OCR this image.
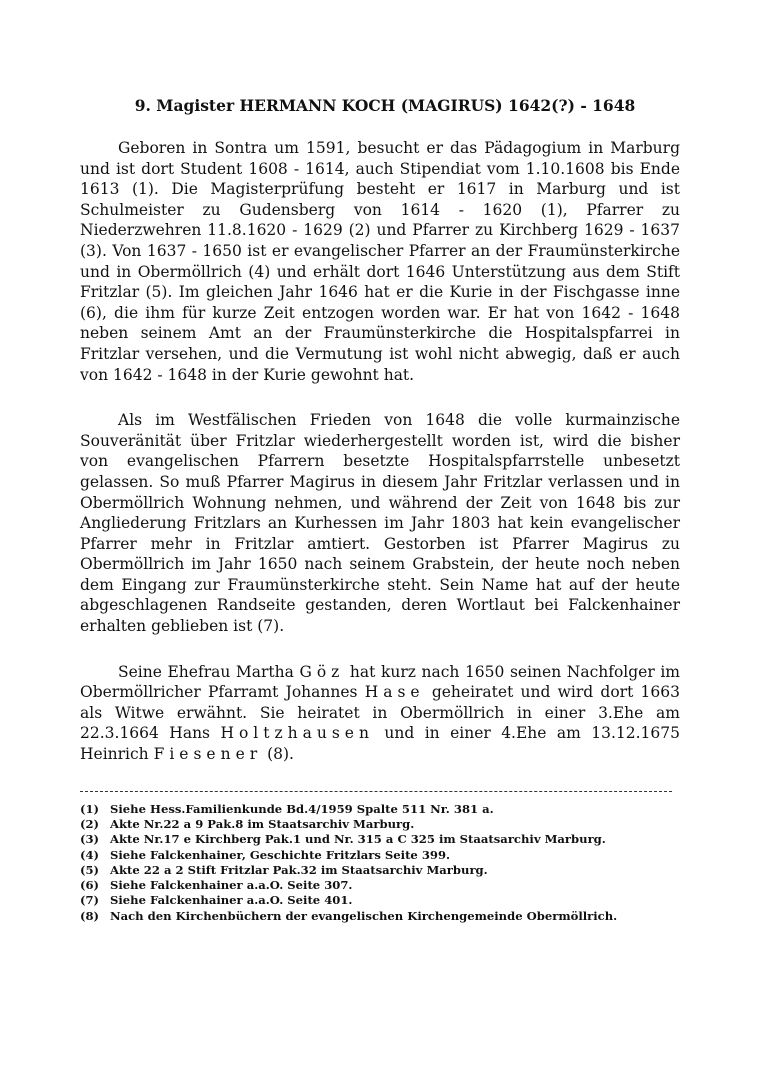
9. Magister HERMANN KOCH (MAGIRUS) 1642(?) - 1648

Geboren in Sontra um 1591, besucht er das Pädagogium in Marburg und ist dort Student 1608 - 1614, auch Stipendiat vom 1.10.1608 bis Ende 1613 (1). Die Magisterprüfung besteht er 1617 in Marburg und ist Schulmeister zu Gudensberg von 1614 - 1620 (1), Pfarrer zu Niederzwehren 11.8.1620 - 1629 (2) und Pfarrer zu Kirchberg 1629 - 1637 (3). Von 1637 - 1650 ist er evangelischer Pfarrer an der Fraumünsterkirche und in Obermöllrich (4) und erhält dort 1646 Unterstützung aus dem Stift Fritzlar (5). Im gleichen Jahr 1646 hat er die Kurie in der Fischgasse inne (6), die ihm für kurze Zeit entzogen worden war. Er hat von 1642 - 1648 neben seinem Amt an der Fraumünsterkirche die Hospitalspfarrei in Fritzlar versehen, und die Vermutung ist wohl nicht abwegig, daß er auch von 1642 - 1648 in der Kurie gewohnt hat.

Als im Westfälischen Frieden von 1648 die volle kurmainzische Souveränität über Fritzlar wiederhergestellt worden ist, wird die bisher von evangelischen Pfarrern besetzte Hospitalspfarrstelle unbesetzt gelassen. So muß Pfarrer Magirus in diesem Jahr Fritzlar verlassen und in Obermöllrich Wohnung nehmen, und während der Zeit von 1648 bis zur Angliederung Fritzlars an Kurhessen im Jahr 1803 hat kein evangelischer Pfarrer mehr in Fritzlar amtiert. Gestorben ist Pfarrer Magirus zu Obermöllrich im Jahr 1650 nach seinem Grabstein, der heute noch neben dem Eingang zur Fraumünsterkirche steht. Sein Name hat auf der heute abgeschlagenen Randseite gestanden, deren Wortlaut bei Falckenhainer erhalten geblieben ist (7).

Seine Ehefrau Martha Göz hat kurz nach 1650 seinen Nachfolger im Obermöllricher Pfarramt Johannes Hase geheiratet und wird dort 1663 als Witwe erwähnt. Sie heiratet in Obermöllrich in einer 3.Ehe am 22.3.1664 Hans Holtzhausen und in einer 4.Ehe am 13.12.1675 Heinrich Fiesener (8).

(1) Siehe Hess.Familienkunde Bd.4/1959 Spalte 511 Nr. 381 a.
(2) Akte Nr.22 a 9 Pak.8 im Staatsarchiv Marburg.
(3) Akte Nr.17 e Kirchberg Pak.1 und Nr. 315 a C 325 im Staatsarchiv Marburg.
(4) Siehe Falckenhainer, Geschichte Fritzlars Seite 399.
(5) Akte 22 a 2 Stift Fritzlar Pak.32 im Staatsarchiv Marburg.
(6) Siehe Falckenhainer a.a.O. Seite 307.
(7) Siehe Falckenhainer a.a.O. Seite 401.
(8) Nach den Kirchenbüchern der evangelischen Kirchengemeinde Obermöllrich.
